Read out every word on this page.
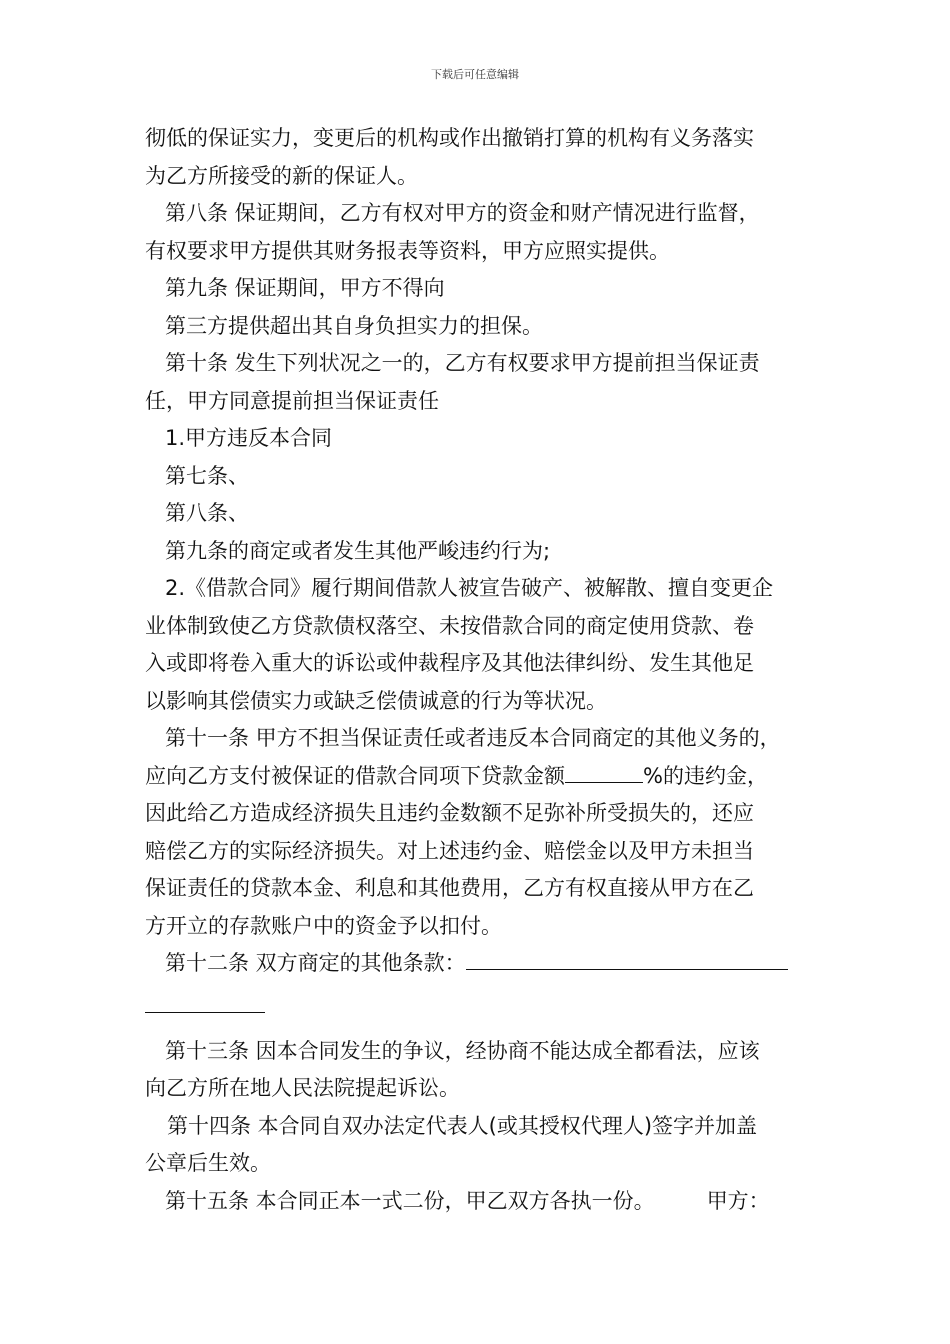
下载后可任意编辑

彻低的保证实力，变更后的机构或作出撤销打算的机构有义务落实

为乙方所接受的新的保证人。

第八条 保证期间，乙方有权对甲方的资金和财产情况进行监督，

有权要求甲方提供其财务报表等资料，甲方应照实提供。

第九条 保证期间，甲方不得向

第三方提供超出其自身负担实力的担保。

第十条 发生下列状况之一的，乙方有权要求甲方提前担当保证责

任，甲方同意提前担当保证责任

1.甲方违反本合同

第七条、

第八条、

第九条的商定或者发生其他严峻违约行为;

2.《借款合同》履行期间借款人被宣告破产、被解散、擅自变更企

业体制致使乙方贷款债权落空、未按借款合同的商定使用贷款、卷

入或即将卷入重大的诉讼或仲裁程序及其他法律纠纷、发生其他足

以影响其偿债实力或缺乏偿债诚意的行为等状况。

第十一条 甲方不担当保证责任或者违反本合同商定的其他义务的，

应向乙方支付被保证的借款合同项下贷款金额	%的违约金，

因此给乙方造成经济损失且违约金数额不足弥补所受损失的，还应

赔偿乙方的实际经济损失。对上述违约金、赔偿金以及甲方未担当

保证责任的贷款本金、利息和其他费用，乙方有权直接从甲方在乙

方开立的存款账户中的资金予以扣付。

第十二条 双方商定的其他条款：

第十三条 因本合同发生的争议，经协商不能达成全都看法，应该

向乙方所在地人民法院提起诉讼。

第十四条 本合同自双办法定代表人(或其授权代理人)签字并加盖

公章后生效。

第十五条 本合同正本一式二份，甲乙双方各执一份。 甲方：
